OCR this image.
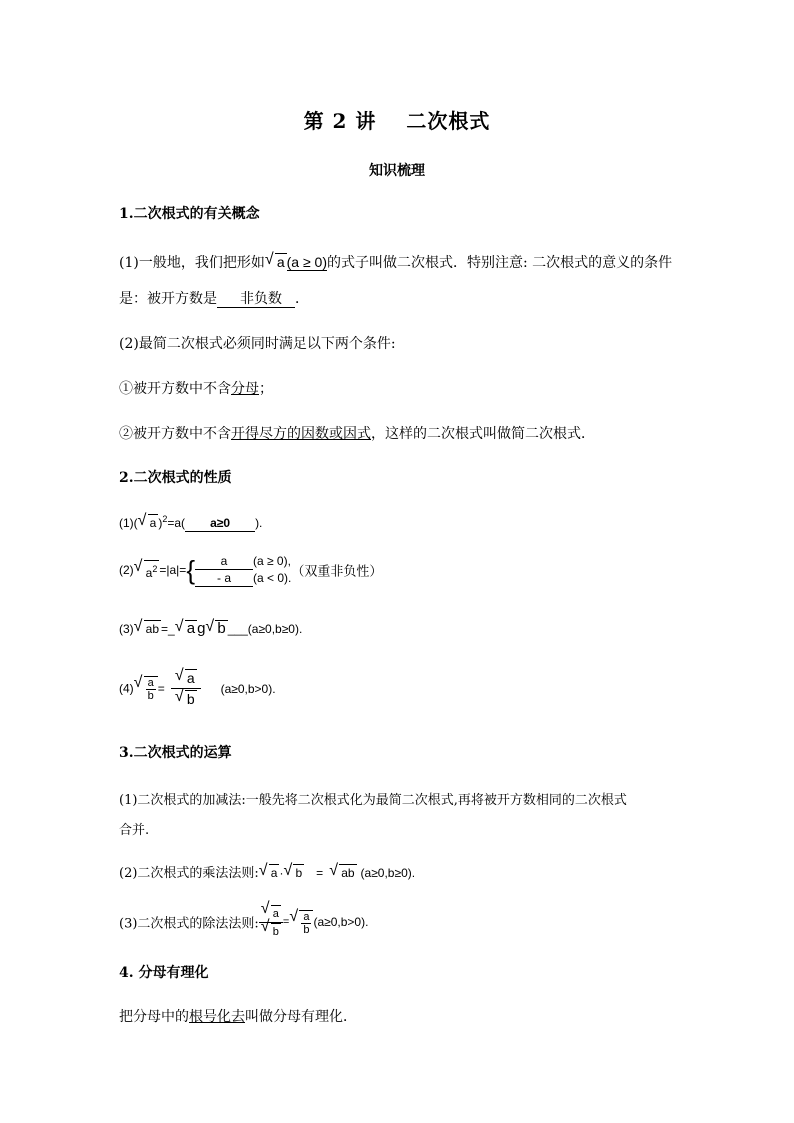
第 2 讲 二次根式
知识梳理
1.二次根式的有关概念
(1)一般地，我们把形如 √ a (a ≥ 0)的式子叫做二次根式．特别注意: 二次根式的意义的条件
是：被开方数是 非负数 ．
(2)最简二次根式必须同时满足以下两个条件:
①被开方数中不含分母；
②被开方数中不含开得尽方的因数或因式，这样的二次根式叫做简二次根式．
2.二次根式的性质
(1)( √ a )$^2$=a( a≥0 ).
(2) √ $a^2 =|a|=${	a (a ≥ 0),
- a (a < 0). （双重非负性）
(3) √ ab =_ √ a g √ b ___(a≥0,b≥0).
(4) √ $\frac{a}{b}$ = √ a
√ b (a≥0,b>0).
3.二次根式的运算
(1)二次根式的加减法:一般先将二次根式化为最简二次根式,再将被开方数相同的二次根式
合并.
(2)二次根式的乘法法则: √ a · √ b = √ ab (a≥0,b≥0).
(3)二次根式的除法法则: √ a
√ b = √ $\frac{a}{b} (a\ge 0,b>0)$.
4. 分母有理化
把分母中的根号化去叫做分母有理化．
